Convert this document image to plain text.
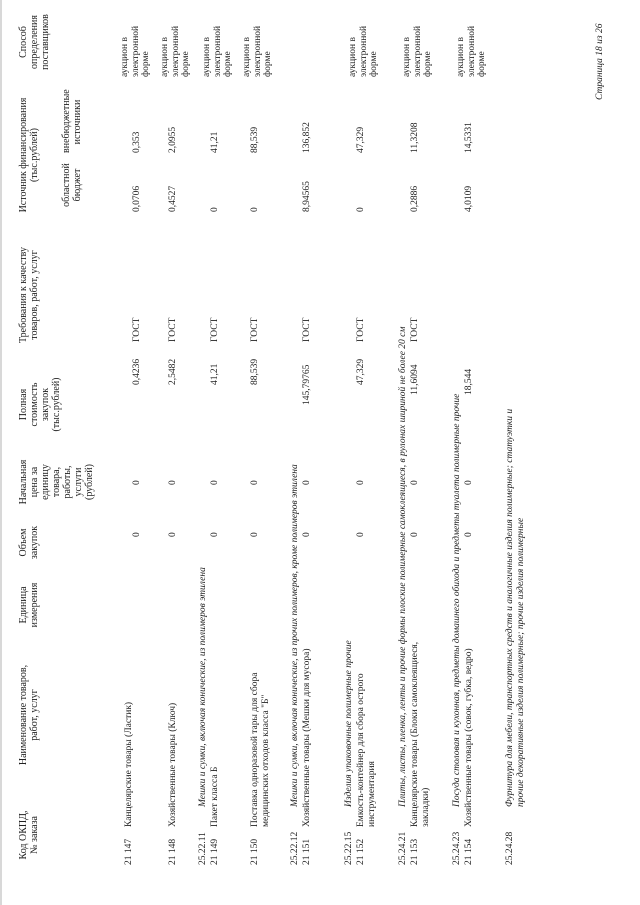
Код ОКПД, № заказа
Наименование товаров, работ, услуг
Единица измерения
Объем закупок
Начальная цена за единицу товара, работы, услуги (рублей)
Полная стоимость закупок (тыс.рублей)
Требования к качеству товаров, работ, услуг
Источник финансирования (тыс.рублей)
областной бюджет
внебюджетные источники
Способ определения поставщиков
21 147
Канцелярские товары (Ластик)
0
0
0,4236
ГОСТ
0,0706
0,353
аукцион в электронной форме
21 148
Хозяйственные товары (Ключ)
0
0
2,5482
ГОСТ
0,4527
2,0955
аукцион в электронной форме
25.22.11
Мешки и сумки, включая конические, из полимеров этилена
21 149
Пакет класса Б
0
0
41,21
ГОСТ
0
41,21
аукцион в электронной форме
21 150
Поставка одноразовой тары для сбора медицинских отходов класса "Б"
0
0
88,539
ГОСТ
0
88,539
аукцион в электронной форме
25.22.12
Мешки и сумки, включая конические, из прочих полимеров, кроме полимеров этилена
21 151
Хозяйственные товары (Мешки для мусора)
0
0
145,79765
ГОСТ
8,94565
136,852
25.22.15
Изделия упаковочные полимерные прочие
21 152
Емкость-контейнер для сбора острого инструментария
0
0
47,329
ГОСТ
0
47,329
аукцион в электронной форме
25.24.21
Плиты, листы, пленка, ленты и прочие формы плоские полимерные самоклеящиеся, в рулонах шириной не более 20 см
21 153
Канцелярские товары (Блоки самоклеящиеся, закладки)
0
0
11,6094
ГОСТ
0,2886
11,3208
аукцион в электронной форме
25.24.23
Посуда столовая и кухонная, предметы домашнего обихода и предметы туалета полимерные прочие
21 154
Хозяйственные товары (совок, губка, ведро)
0
0
18,544
4,0109
14,5331
аукцион в электронной форме
25.24.28
Фурнитура для мебели, транспортных средств и аналогичные изделия полимерные; статуэтки и прочие декоративные изделия полимерные; прочие изделия полимерные
Страница 18 из 26
